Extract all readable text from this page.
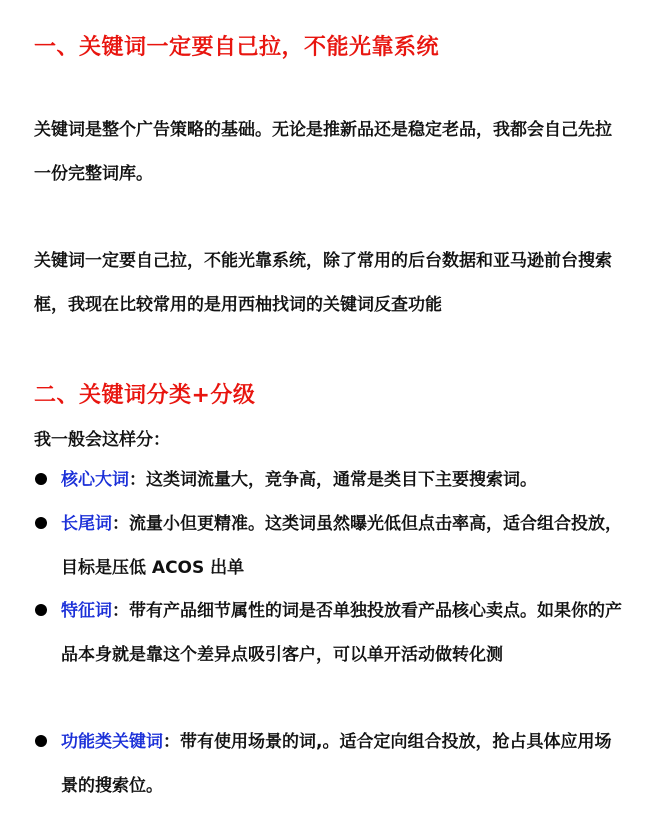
一、关键词一定要自己拉，不能光靠系统
关键词是整个广告策略的基础。无论是推新品还是稳定老品，我都会自己先拉一份完整词库。
关键词一定要自己拉，不能光靠系统，除了常用的后台数据和亚马逊前台搜索框，我现在比较常用的是用西柚找词的关键词反查功能
二、关键词分类+分级
我一般会这样分：
核心大词：这类词流量大，竞争高，通常是类目下主要搜索词。
长尾词：流量小但更精准。这类词虽然曝光低但点击率高，适合组合投放，目标是压低 ACOS 出单
特征词：带有产品细节属性的词是否单独投放看产品核心卖点。如果你的产品本身就是靠这个差异点吸引客户，可以单开活动做转化测
功能类关键词：带有使用场景的词,。适合定向组合投放，抢占具体应用场景的搜索位。
